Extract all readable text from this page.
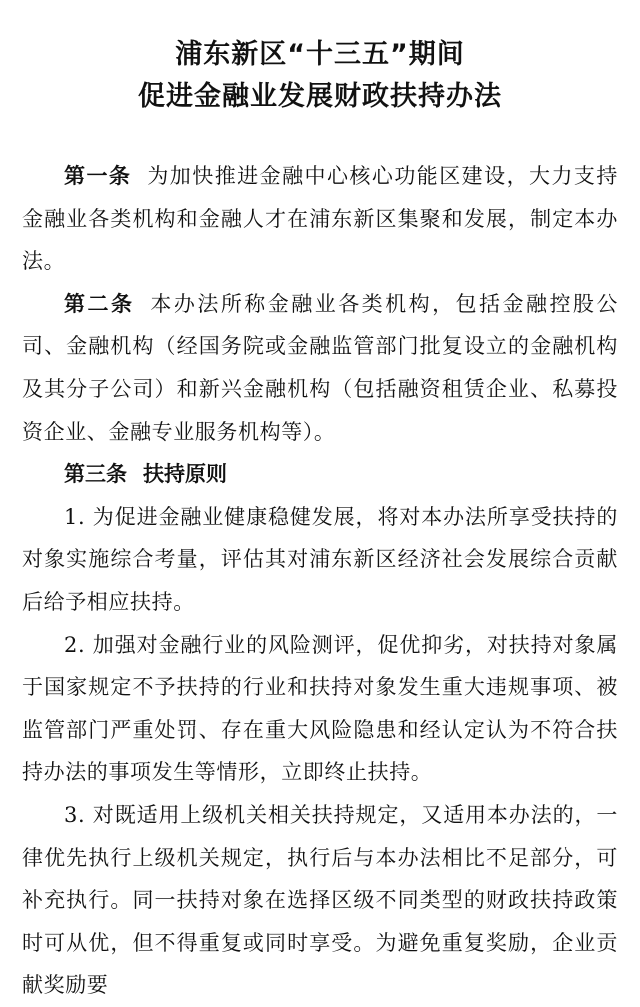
浦东新区“十三五”期间
促进金融业发展财政扶持办法

第一条 为加快推进金融中心核心功能区建设，大力支持金融业各类机构和金融人才在浦东新区集聚和发展，制定本办法。

第二条 本办法所称金融业各类机构，包括金融控股公司、金融机构（经国务院或金融监管部门批复设立的金融机构及其分子公司）和新兴金融机构（包括融资租赁企业、私募投资企业、金融专业服务机构等）。

第三条 扶持原则

1. 为促进金融业健康稳健发展，将对本办法所享受扶持的对象实施综合考量，评估其对浦东新区经济社会发展综合贡献后给予相应扶持。

2. 加强对金融行业的风险测评，促优抑劣，对扶持对象属于国家规定不予扶持的行业和扶持对象发生重大违规事项、被监管部门严重处罚、存在重大风险隐患和经认定认为不符合扶持办法的事项发生等情形，立即终止扶持。

3. 对既适用上级机关相关扶持规定，又适用本办法的，一律优先执行上级机关规定，执行后与本办法相比不足部分，可补充执行。同一扶持对象在选择区级不同类型的财政扶持政策时可从优，但不得重复或同时享受。为避免重复奖励，企业贡献奖励要
